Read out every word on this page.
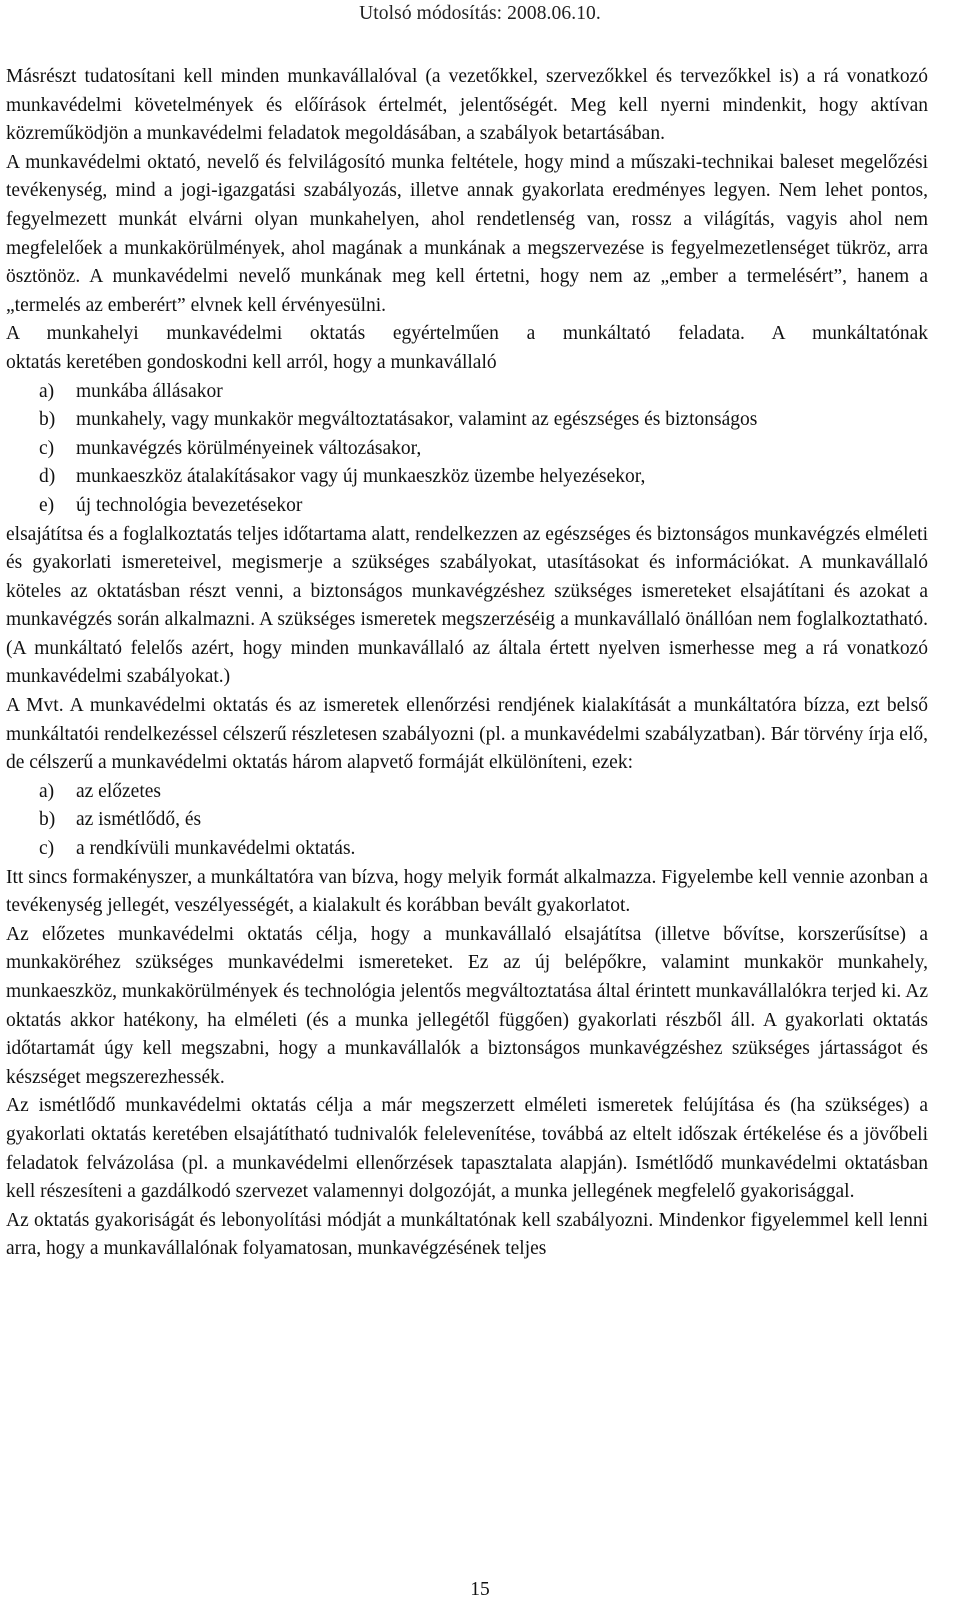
Utolsó módosítás: 2008.06.10.

Másrészt tudatosítani kell minden munkavállalóval (a vezetőkkel, szervezőkkel és tervezőkkel is) a rá vonatkozó munkavédelmi követelmények és előírások értelmét, jelentőségét. Meg kell nyerni mindenkit, hogy aktívan közreműködjön a munkavédelmi feladatok megoldásában, a szabályok betartásában.

A munkavédelmi oktató, nevelő és felvilágosító munka feltétele, hogy mind a műszaki-technikai baleset megelőzési tevékenység, mind a jogi-igazgatási szabályozás, illetve annak gyakorlata eredményes legyen. Nem lehet pontos, fegyelmezett munkát elvárni olyan munkahelyen, ahol rendetlenség van, rossz a világítás, vagyis ahol nem megfelelőek a munkakörülmények, ahol magának a munkának a megszervezése is fegyelmezetlenséget tükröz, arra ösztönöz. A munkavédelmi nevelő munkának meg kell értetni, hogy nem az „ember a termelésért”, hanem a „termelés az emberért” elvnek kell érvényesülni.

A munkahelyi munkavédelmi oktatás egyértelműen a munkáltató feladata. A munkáltatónak
oktatás keretében gondoskodni kell arról, hogy a munkavállaló
a) munkába állásakor
b) munkahely, vagy munkakör megváltoztatásakor, valamint az egészséges és biztonságos
c) munkavégzés körülményeinek változásakor,
d) munkaeszköz átalakításakor vagy új munkaeszköz üzembe helyezésekor,
e) új technológia bevezetésekor

elsajátítsa és a foglalkoztatás teljes időtartama alatt, rendelkezzen az egészséges és biztonságos munkavégzés elméleti és gyakorlati ismereteivel, megismerje a szükséges szabályokat, utasításokat és információkat. A munkavállaló köteles az oktatásban részt venni, a biztonságos munkavégzéshez szükséges ismereteket elsajátítani és azokat a munkavégzés során alkalmazni. A szükséges ismeretek megszerzéséig a munkavállaló önállóan nem foglalkoztatható. (A munkáltató felelős azért, hogy minden munkavállaló az általa értett nyelven ismerhesse meg a rá vonatkozó munkavédelmi szabályokat.)

A Mvt. A munkavédelmi oktatás és az ismeretek ellenőrzési rendjének kialakítását a munkáltatóra bízza, ezt belső munkáltatói rendelkezéssel célszerű részletesen szabályozni (pl. a munkavédelmi szabályzatban). Bár törvény írja elő, de célszerű a munkavédelmi oktatás három alapvető formáját elkülöníteni, ezek:

a) az előzetes
b) az ismétlődő, és
c) a rendkívüli munkavédelmi oktatás.

Itt sincs formakényszer, a munkáltatóra van bízva, hogy melyik formát alkalmazza. Figyelembe kell vennie azonban a tevékenység jellegét, veszélyességét, a kialakult és korábban bevált gyakorlatot.

Az előzetes munkavédelmi oktatás célja, hogy a munkavállaló elsajátítsa (illetve bővítse, korszerűsítse) a munkaköréhez szükséges munkavédelmi ismereteket. Ez az új belépőkre, valamint munkakör munkahely, munkaeszköz, munkakörülmények és technológia jelentős megváltoztatása által érintett munkavállalókra terjed ki. Az oktatás akkor hatékony, ha elméleti (és a munka jellegétől függően) gyakorlati részből áll. A gyakorlati oktatás időtartamát úgy kell megszabni, hogy a munkavállalók a biztonságos munkavégzéshez szükséges jártasságot és készséget megszerezhessék.

Az ismétlődő munkavédelmi oktatás célja a már megszerzett elméleti ismeretek felújítása és (ha szükséges) a gyakorlati oktatás keretében elsajátítható tudnivalók felelevenítése, továbbá az eltelt időszak értékelése és a jövőbeli feladatok felvázolása (pl. a munkavédelmi ellenőrzések tapasztalata alapján). Ismétlődő munkavédelmi oktatásban kell részesíteni a gazdálkodó szervezet valamennyi dolgozóját, a munka jellegének megfelelő gyakorisággal.

Az oktatás gyakoriságát és lebonyolítási módját a munkáltatónak kell szabályozni. Mindenkor figyelemmel kell lenni arra, hogy a munkavállalónak folyamatosan, munkavégzésének teljes

15
